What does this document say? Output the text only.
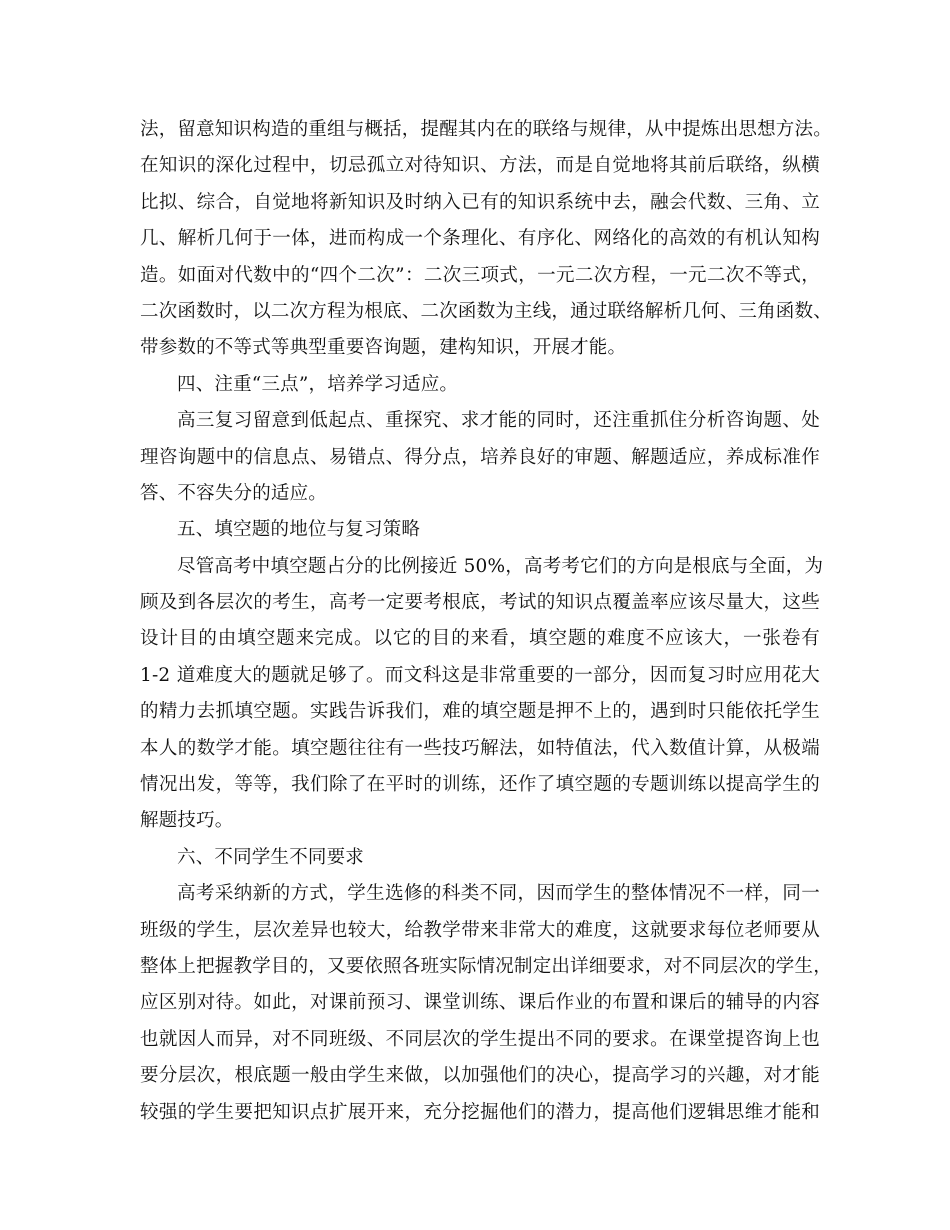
法，留意知识构造的重组与概括，提醒其内在的联络与规律，从中提炼出思想方法。
在知识的深化过程中，切忌孤立对待知识、方法，而是自觉地将其前后联络，纵横
比拟、综合，自觉地将新知识及时纳入已有的知识系统中去，融会代数、三角、立
几、解析几何于一体，进而构成一个条理化、有序化、网络化的高效的有机认知构
造。如面对代数中的“四个二次”：二次三项式，一元二次方程，一元二次不等式，
二次函数时，以二次方程为根底、二次函数为主线，通过联络解析几何、三角函数、
带参数的不等式等典型重要咨询题，建构知识，开展才能。
四、注重“三点”，培养学习适应。
高三复习留意到低起点、重探究、求才能的同时，还注重抓住分析咨询题、处
理咨询题中的信息点、易错点、得分点，培养良好的审题、解题适应，养成标准作
答、不容失分的适应。
五、填空题的地位与复习策略
尽管高考中填空题占分的比例接近 50%，高考考它们的方向是根底与全面，为
顾及到各层次的考生，高考一定要考根底，考试的知识点覆盖率应该尽量大，这些
设计目的由填空题来完成。以它的目的来看，填空题的难度不应该大，一张卷有
1-2 道难度大的题就足够了。而文科这是非常重要的一部分，因而复习时应用花大
的精力去抓填空题。实践告诉我们，难的填空题是押不上的，遇到时只能依托学生
本人的数学才能。填空题往往有一些技巧解法，如特值法，代入数值计算，从极端
情况出发，等等，我们除了在平时的训练，还作了填空题的专题训练以提高学生的
解题技巧。
六、不同学生不同要求
高考采纳新的方式，学生选修的科类不同，因而学生的整体情况不一样，同一
班级的学生，层次差异也较大，给教学带来非常大的难度，这就要求每位老师要从
整体上把握教学目的，又要依照各班实际情况制定出详细要求，对不同层次的学生，
应区别对待。如此，对课前预习、课堂训练、课后作业的布置和课后的辅导的内容
也就因人而异，对不同班级、不同层次的学生提出不同的要求。在课堂提咨询上也
要分层次，根底题一般由学生来做，以加强他们的决心，提高学习的兴趣，对才能
较强的学生要把知识点扩展开来，充分挖掘他们的潜力，提高他们逻辑思维才能和
